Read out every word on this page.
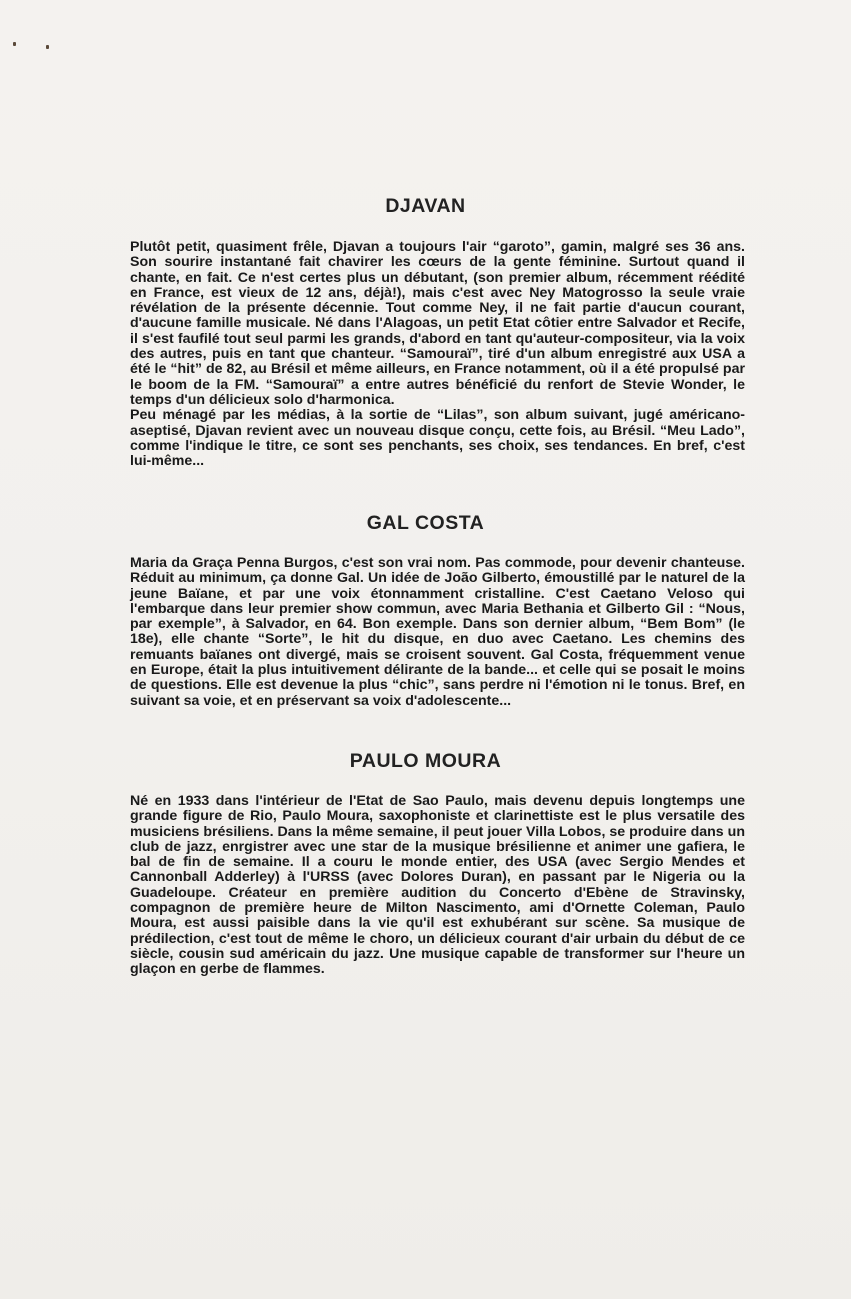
DJAVAN

Plutôt petit, quasiment frêle, Djavan a toujours l'air “garoto”, gamin, malgré ses 36 ans. Son sourire instantané fait chavirer les cœurs de la gente féminine. Surtout quand il chante, en fait. Ce n'est certes plus un débutant, (son premier album, récemment réédité en France, est vieux de 12 ans, déjà!), mais c'est avec Ney Matogrosso la seule vraie révélation de la présente décennie. Tout comme Ney, il ne fait partie d'aucun courant, d'aucune famille musicale. Né dans l'Alagoas, un petit Etat côtier entre Salvador et Recife, il s'est faufilé tout seul parmi les grands, d'abord en tant qu'auteur-compositeur, via la voix des autres, puis en tant que chanteur. “Samouraï”, tiré d'un album enregistré aux USA a été le “hit” de 82, au Brésil et même ailleurs, en France notamment, où il a été propulsé par le boom de la FM. “Samouraï” a entre autres bénéficié du renfort de Stevie Wonder, le temps d'un délicieux solo d'harmonica.

Peu ménagé par les médias, à la sortie de “Lilas”, son album suivant, jugé américano-aseptisé, Djavan revient avec un nouveau disque conçu, cette fois, au Brésil. “Meu Lado”, comme l'indique le titre, ce sont ses penchants, ses choix, ses tendances. En bref, c'est lui-même...

GAL COSTA

Maria da Graça Penna Burgos, c'est son vrai nom. Pas commode, pour devenir chanteuse. Réduit au minimum, ça donne Gal. Un idée de João Gilberto, émoustillé par le naturel de la jeune Baïane, et par une voix étonnamment cristalline. C'est Caetano Veloso qui l'embarque dans leur premier show commun, avec Maria Bethania et Gilberto Gil : “Nous, par exemple”, à Salvador, en 64. Bon exemple. Dans son dernier album, “Bem Bom” (le 18e), elle chante “Sorte”, le hit du disque, en duo avec Caetano. Les chemins des remuants baïanes ont divergé, mais se croisent souvent. Gal Costa, fréquemment venue en Europe, était la plus intuitivement délirante de la bande... et celle qui se posait le moins de questions. Elle est devenue la plus “chic”, sans perdre ni l'émotion ni le tonus. Bref, en suivant sa voie, et en préservant sa voix d'adolescente...

PAULO MOURA

Né en 1933 dans l'intérieur de l'Etat de Sao Paulo, mais devenu depuis longtemps une grande figure de Rio, Paulo Moura, saxophoniste et clarinettiste est le plus versatile des musiciens brésiliens. Dans la même semaine, il peut jouer Villa Lobos, se produire dans un club de jazz, enrgistrer avec une star de la musique brésilienne et animer une gafiera, le bal de fin de semaine. Il a couru le monde entier, des USA (avec Sergio Mendes et Cannonball Adderley) à l'URSS (avec Dolores Duran), en passant par le Nigeria ou la Guadeloupe. Créateur en première audition du Concerto d'Ebène de Stravinsky, compagnon de première heure de Milton Nascimento, ami d'Ornette Coleman, Paulo Moura, est aussi paisible dans la vie qu'il est exhubérant sur scène. Sa musique de prédilection, c'est tout de même le choro, un délicieux courant d'air urbain du début de ce siècle, cousin sud américain du jazz. Une musique capable de transformer sur l'heure un glaçon en gerbe de flammes.
